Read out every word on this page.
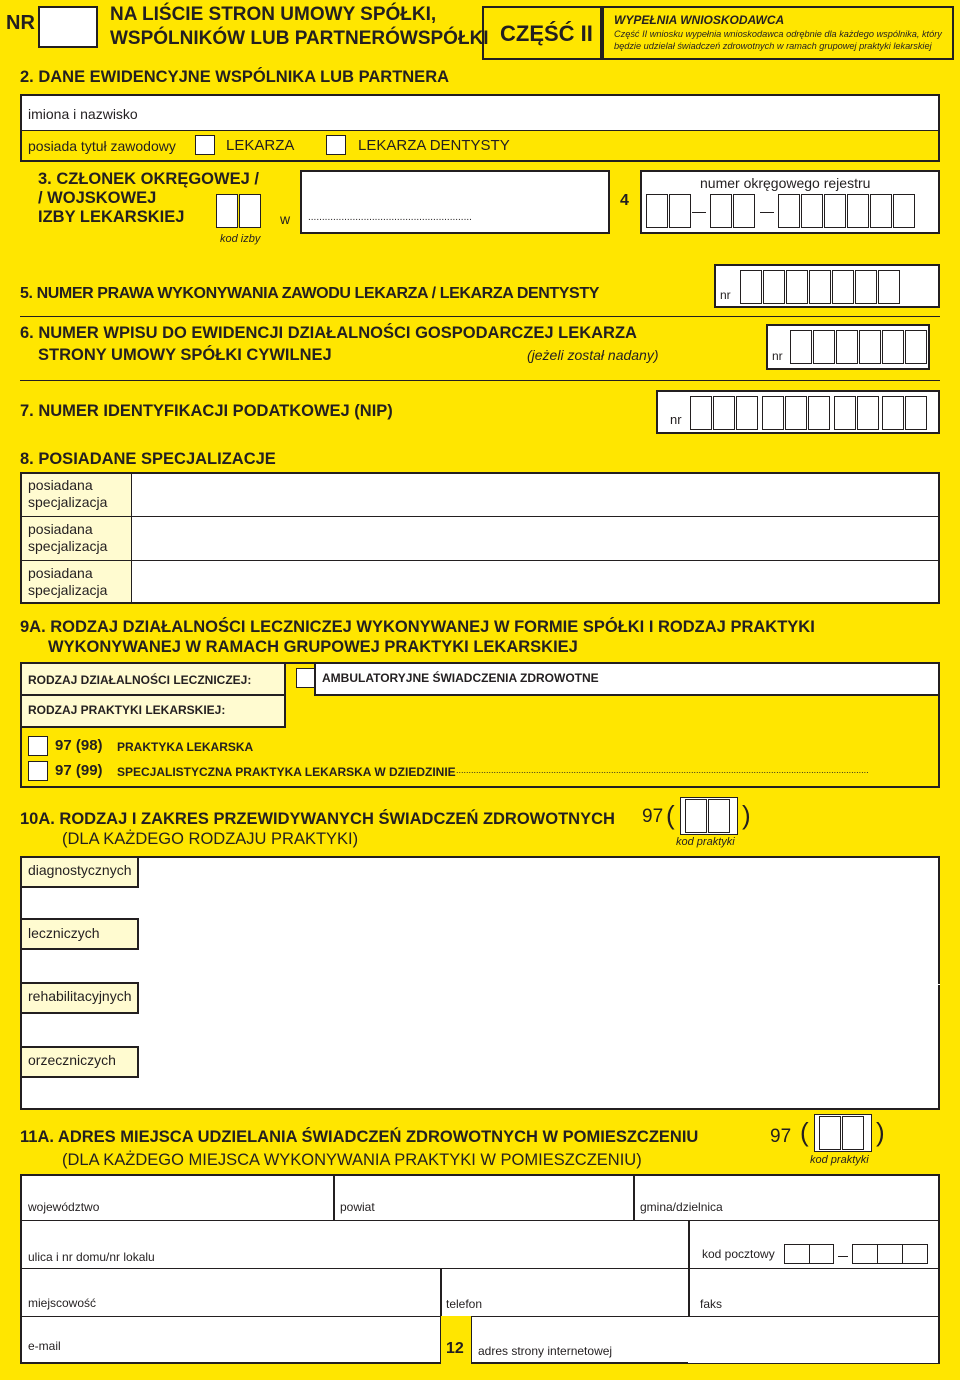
NR	NA LIŚCIE STRON UMOWY SPÓŁKI,
WSPÓLNIKÓW LUB PARTNERÓWSPÓŁKI CZĘŚĆ II
WYPEŁNIA WNIOSKODAWCA
Część II wniosku wypełnia wnioskodawca odrębnie dla każdego wspólnika, który
będzie udzielał świadczeń zdrowotnych w ramach grupowej praktyki lekarskiej
2. DANE EWIDENCYJNE WSPÓLNIKA LUB PARTNERA
imiona i nazwisko
posiada tytuł zawodowy	LEKARZA	LEKARZA DENTYSTY
3. CZŁONEK OKRĘGOWEJ /
/ WOJSKOWEJ
IZBY LEKARSKIEJ
kod izby
w ...........................................................
4
numer okręgowego rejestru
5. NUMER PRAWA WYKONYWANIA ZAWODU LEKARZA / LEKARZA DENTYSTY	nr
6. NUMER WPISU DO EWIDENCJI DZIAŁALNOŚCI GOSPODARCZEJ LEKARZA
STRONY UMOWY SPÓŁKI CYWILNEJ	(jeżeli został nadany)	nr
7. NUMER IDENTYFIKACJI PODATKOWEJ (NIP)	nr
8. POSIADANE SPECJALIZACJE
posiadana
specjalizacja
posiadana
specjalizacja
posiadana
specjalizacja
9A. RODZAJ DZIAŁALNOŚCI LECZNICZEJ WYKONYWANEJ W FORMIE SPÓŁKI I RODZAJ PRAKTYKI
WYKONYWANEJ W RAMACH GRUPOWEJ PRAKTYKI LEKARSKIEJ
RODZAJ DZIAŁALNOŚCI LECZNICZEJ:	AMBULATORYJNE ŚWIADCZENIA ZDROWOTNE
RODZAJ PRAKTYKI LEKARSKIEJ:
97 (98) PRAKTYKA LEKARSKA
97 (99) SPECJALISTYCZNA PRAKTYKA LEKARSKA W DZIEDZINIE .....................................................................................................................................................................
10A. RODZAJ I ZAKRES PRZEWIDYWANYCH ŚWIADCZEŃ ZDROWOTNYCH
(DLA KAŻDEGO RODZAJU PRAKTYKI)
97 (	)
kod praktyki
diagnostycznych
leczniczych
rehabilitacyjnych
orzeczniczych
11A. ADRES MIEJSCA UDZIELANIA ŚWIADCZEŃ ZDROWOTNYCH W POMIESZCZENIU
(DLA KAŻDEGO MIEJSCA WYKONYWANIA PRAKTYKI W POMIESZCZENIU)
97 (	)
kod praktyki
województwo	powiat	gmina/dzielnica
ulica i nr domu/nr lokalu	kod pocztowy
miejscowość	telefon	faks
e-mail	12 adres strony internetowej
